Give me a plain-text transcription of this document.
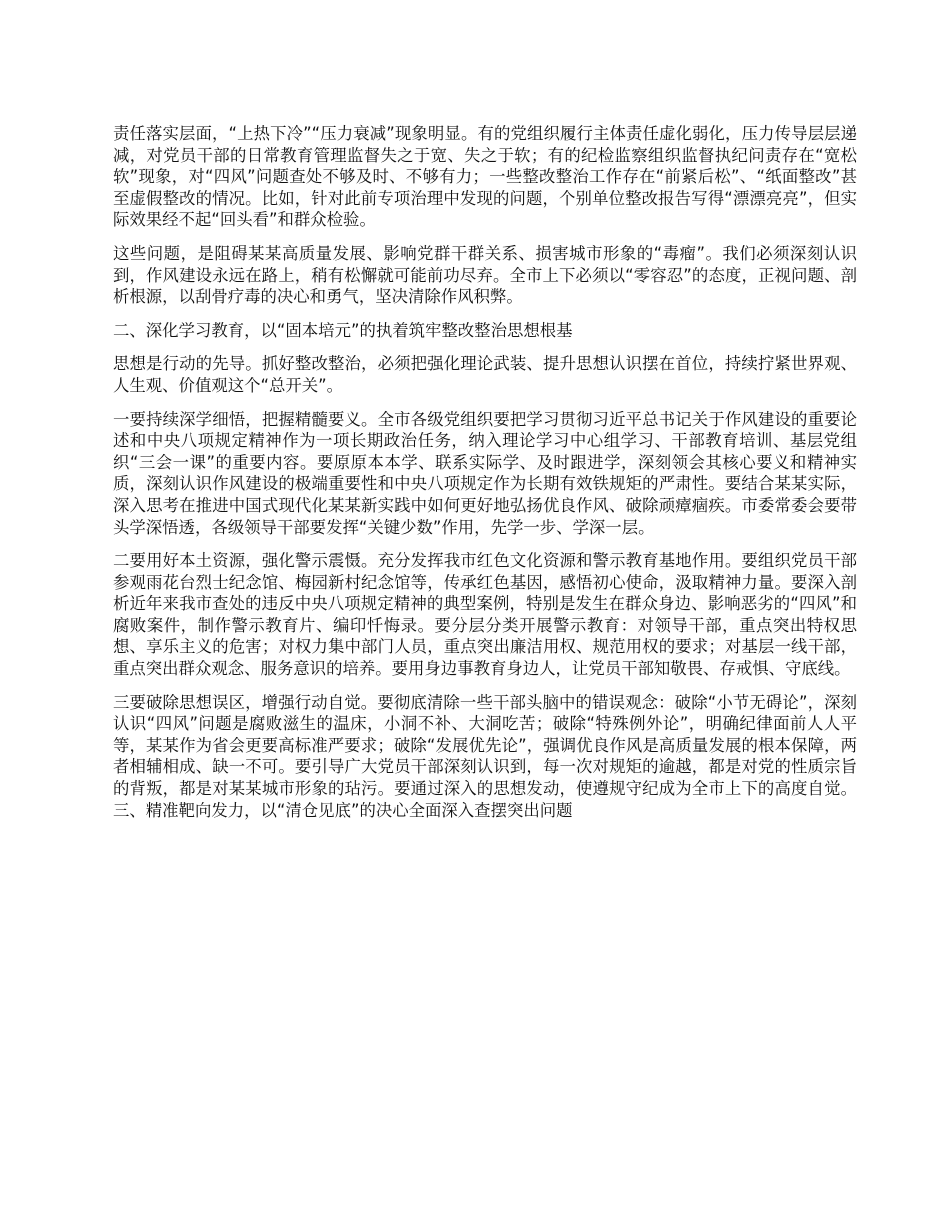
责任落实层面，“上热下冷”“压力衰减”现象明显。有的党组织履行主体责任虚化弱化，压力传导层层递减，对党员干部的日常教育管理监督失之于宽、失之于软；有的纪检监察组织监督执纪问责存在“宽松软”现象，对“四风”问题查处不够及时、不够有力；一些整改整治工作存在“前紧后松”、“纸面整改”甚至虚假整改的情况。比如，针对此前专项治理中发现的问题，个别单位整改报告写得“漂漂亮亮”，但实际效果经不起“回头看”和群众检验。

这些问题，是阻碍某某高质量发展、影响党群干群关系、损害城市形象的“毒瘤”。我们必须深刻认识到，作风建设永远在路上，稍有松懈就可能前功尽弃。全市上下必须以“零容忍”的态度，正视问题、剖析根源，以刮骨疗毒的决心和勇气，坚决清除作风积弊。

二、深化学习教育，以“固本培元”的执着筑牢整改整治思想根基

思想是行动的先导。抓好整改整治，必须把强化理论武装、提升思想认识摆在首位，持续拧紧世界观、人生观、价值观这个“总开关”。

一要持续深学细悟，把握精髓要义。全市各级党组织要把学习贯彻习近平总书记关于作风建设的重要论述和中央八项规定精神作为一项长期政治任务，纳入理论学习中心组学习、干部教育培训、基层党组织“三会一课”的重要内容。要原原本本学、联系实际学、及时跟进学，深刻领会其核心要义和精神实质，深刻认识作风建设的极端重要性和中央八项规定作为长期有效铁规矩的严肃性。要结合某某实际，深入思考在推进中国式现代化某某新实践中如何更好地弘扬优良作风、破除顽瘴痼疾。市委常委会要带头学深悟透，各级领导干部要发挥“关键少数”作用，先学一步、学深一层。

二要用好本土资源，强化警示震慑。充分发挥我市红色文化资源和警示教育基地作用。要组织党员干部参观雨花台烈士纪念馆、梅园新村纪念馆等，传承红色基因，感悟初心使命，汲取精神力量。要深入剖析近年来我市查处的违反中央八项规定精神的典型案例，特别是发生在群众身边、影响恶劣的“四风”和腐败案件，制作警示教育片、编印忏悔录。要分层分类开展警示教育：对领导干部，重点突出特权思想、享乐主义的危害；对权力集中部门人员，重点突出廉洁用权、规范用权的要求；对基层一线干部，重点突出群众观念、服务意识的培养。要用身边事教育身边人，让党员干部知敬畏、存戒惧、守底线。

三要破除思想误区，增强行动自觉。要彻底清除一些干部头脑中的错误观念：破除“小节无碍论”，深刻认识“四风”问题是腐败滋生的温床，小洞不补、大洞吃苦；破除“特殊例外论”，明确纪律面前人人平等，某某作为省会更要高标准严要求；破除“发展优先论”，强调优良作风是高质量发展的根本保障，两者相辅相成、缺一不可。要引导广大党员干部深刻认识到，每一次对规矩的逾越，都是对党的性质宗旨的背叛，都是对某某城市形象的玷污。要通过深入的思想发动，使遵规守纪成为全市上下的高度自觉。三、精准靶向发力，以“清仓见底”的决心全面深入查摆突出问题
